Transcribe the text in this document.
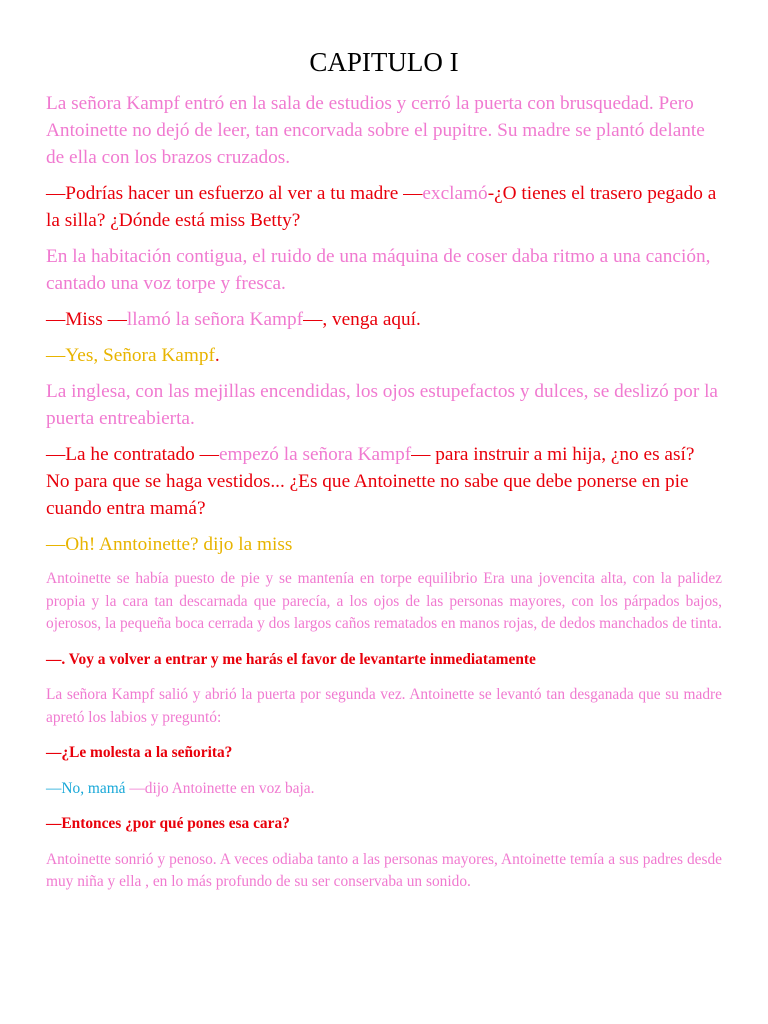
CAPITULO I

La señora Kampf entró en la sala de estudios y cerró la puerta con brusquedad. Pero Antoinette no dejó de leer, tan encorvada sobre el pupitre. Su madre se plantó delante de ella con los brazos cruzados.

—Podrías hacer un esfuerzo al ver a tu madre —exclamó-¿O tienes el trasero pegado a la silla? ¿Dónde está miss Betty?

En la habitación contigua, el ruido de una máquina de coser daba ritmo a una canción, cantado una voz torpe y fresca.

—Miss —llamó la señora Kampf—, venga aquí.

—Yes, Señora Kampf.

La inglesa, con las mejillas encendidas, los ojos estupefactos y dulces, se deslizó por la puerta entreabierta.

—La he contratado —empezó la señora Kampf— para instruir a mi hija, ¿no es así? No para que se haga vestidos... ¿Es que Antoinette no sabe que debe ponerse en pie cuando entra mamá?

—Oh! Anntoinette? dijo la miss

Antoinette se había puesto de pie y se mantenía en torpe equilibrio Era una jovencita alta, con la palidez propia y la cara tan descarnada que parecía, a los ojos de las personas mayores, con los párpados bajos, ojerosos, la pequeña boca cerrada y dos largos caños rematados en manos rojas, de dedos manchados de tinta.

—. Voy a volver a entrar y me harás el favor de levantarte inmediatamente

La señora Kampf salió y abrió la puerta por segunda vez. Antoinette se levantó tan desganada que su madre apretó los labios y preguntó:

—¿Le molesta a la señorita?

—No, mamá —dijo Antoinette en voz baja.

—Entonces ¿por qué pones esa cara?

Antoinette sonrió y penoso. A veces odiaba tanto a las personas mayores, Antoinette temía a sus padres desde muy niña y ella , en lo más profundo de su ser conservaba un sonido.
